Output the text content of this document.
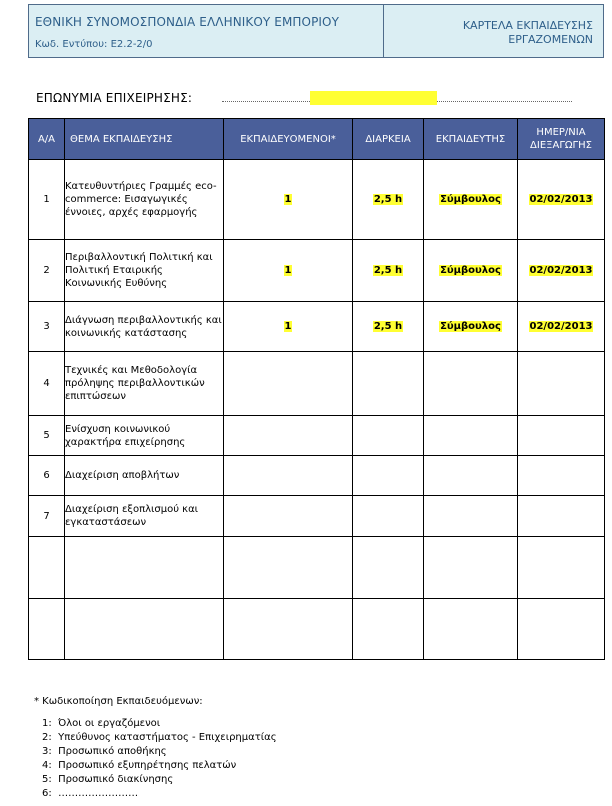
ΕΘΝΙΚΗ ΣΥΝΟΜΟΣΠΟΝΔΙΑ ΕΛΛΗΝΙΚΟΥ ΕΜΠΟΡΙΟΥ
Κωδ. Εντύπου: Ε2.2-2/0
ΚΑΡΤΕΛΑ ΕΚΠΑΙΔΕΥΣΗΣ
ΕΡΓΑΖΟΜΕΝΩΝ
ΕΠΩΝΥΜΙΑ ΕΠΙΧΕΙΡΗΣΗΣ:
Α/Α	ΘΕΜΑ ΕΚΠΑΙΔΕΥΣΗΣ	ΕΚΠΑΙΔΕΥΟΜΕΝΟΙ*	ΔΙΑΡΚΕΙΑ	ΕΚΠΑΙΔΕΥΤΗΣ	ΗΜΕΡ/ΝΙΑ
ΔΙΕΞΑΓΩΓΗΣ

1	Κατευθυντήριες Γραμμές eco-commerce: Εισαγωγικές έννοιες, αρχές εφαρμογής	1	2,5 h	Σύμβουλος	02/02/2013
2	Περιβαλλοντική Πολιτική και Πολιτική Εταιρικής Κοινωνικής Ευθύνης	1	2,5 h	Σύμβουλος	02/02/2013
3	Διάγνωση περιβαλλοντικής και κοινωνικής κατάστασης	1	2,5 h	Σύμβουλος	02/02/2013
4	Τεχνικές και Μεθοδολογία πρόληψης περιβαλλοντικών επιπτώσεων				
5	Ενίσχυση κοινωνικού χαρακτήρα επιχείρησης				
6	Διαχείριση αποβλήτων				
7	Διαχείριση εξοπλισμού και εγκαταστάσεων				

* Κωδικοποίηση Εκπαιδευόμενων:
1:  Όλοι οι εργαζόμενοι
2:  Υπεύθυνος καταστήματος - Επιχειρηματίας
3:  Προσωπικό αποθήκης
4:  Προσωπικό εξυπηρέτησης πελατών
5:  Προσωπικό διακίνησης
6:  ……………………
